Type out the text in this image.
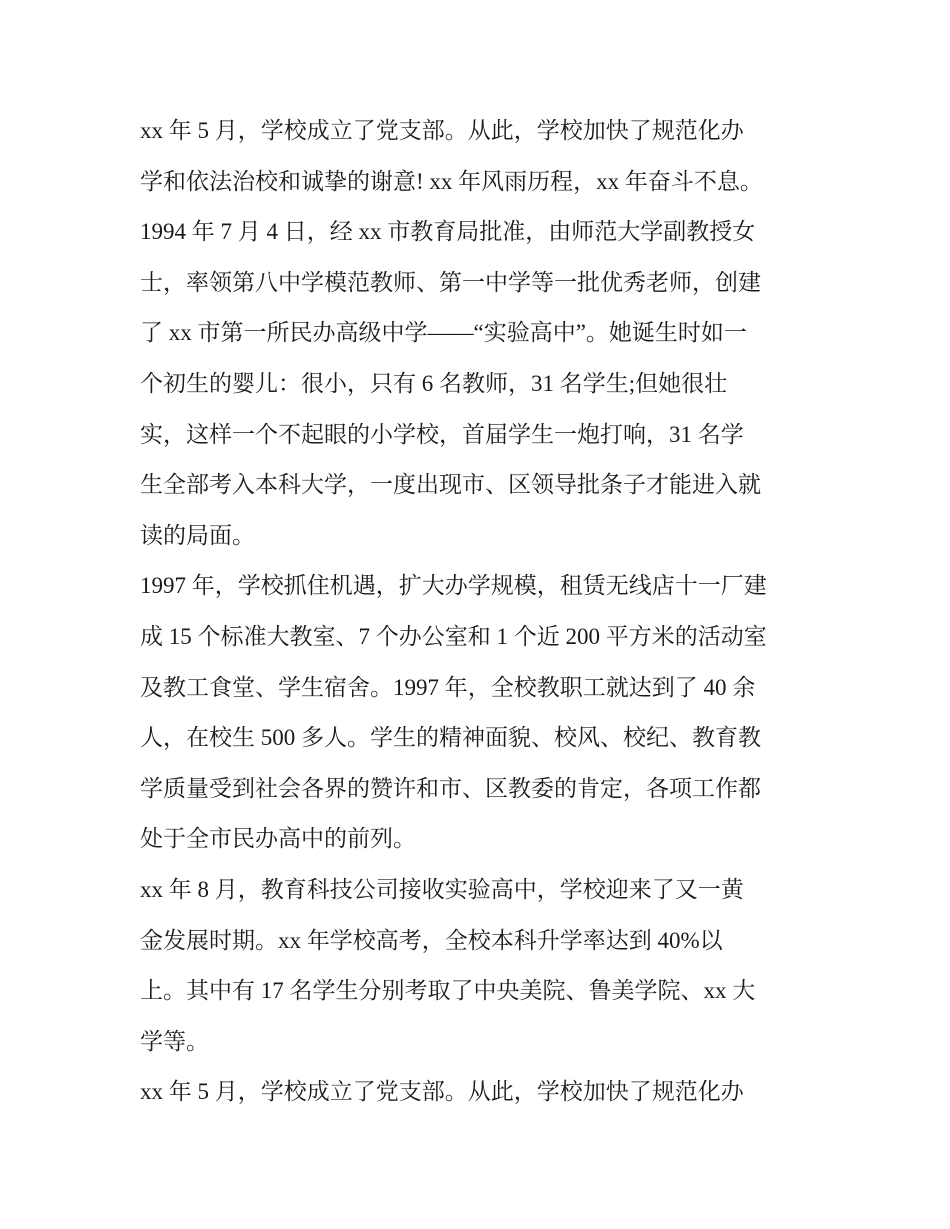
xx 年 5 月，学校成立了党支部。从此，学校加快了规范化办
学和依法治校和诚挚的谢意! xx 年风雨历程，xx 年奋斗不息。
1994 年 7 月 4 日，经 xx 市教育局批准，由师范大学副教授女
士，率领第八中学模范教师、第一中学等一批优秀老师，创建
了 xx 市第一所民办高级中学——“实验高中”。她诞生时如一
个初生的婴儿：很小，只有 6 名教师，31 名学生;但她很壮
实，这样一个不起眼的小学校，首届学生一炮打响，31 名学
生全部考入本科大学，一度出现市、区领导批条子才能进入就
读的局面。
1997 年，学校抓住机遇，扩大办学规模，租赁无线店十一厂建
成 15 个标准大教室、7 个办公室和 1 个近 200 平方米的活动室
及教工食堂、学生宿舍。1997 年，全校教职工就达到了 40 余
人，在校生 500 多人。学生的精神面貌、校风、校纪、教育教
学质量受到社会各界的赞许和市、区教委的肯定，各项工作都
处于全市民办高中的前列。
xx 年 8 月，教育科技公司接收实验高中，学校迎来了又一黄
金发展时期。xx 年学校高考，全校本科升学率达到 40%以
上。其中有 17 名学生分别考取了中央美院、鲁美学院、xx 大
学等。
xx 年 5 月，学校成立了党支部。从此，学校加快了规范化办
